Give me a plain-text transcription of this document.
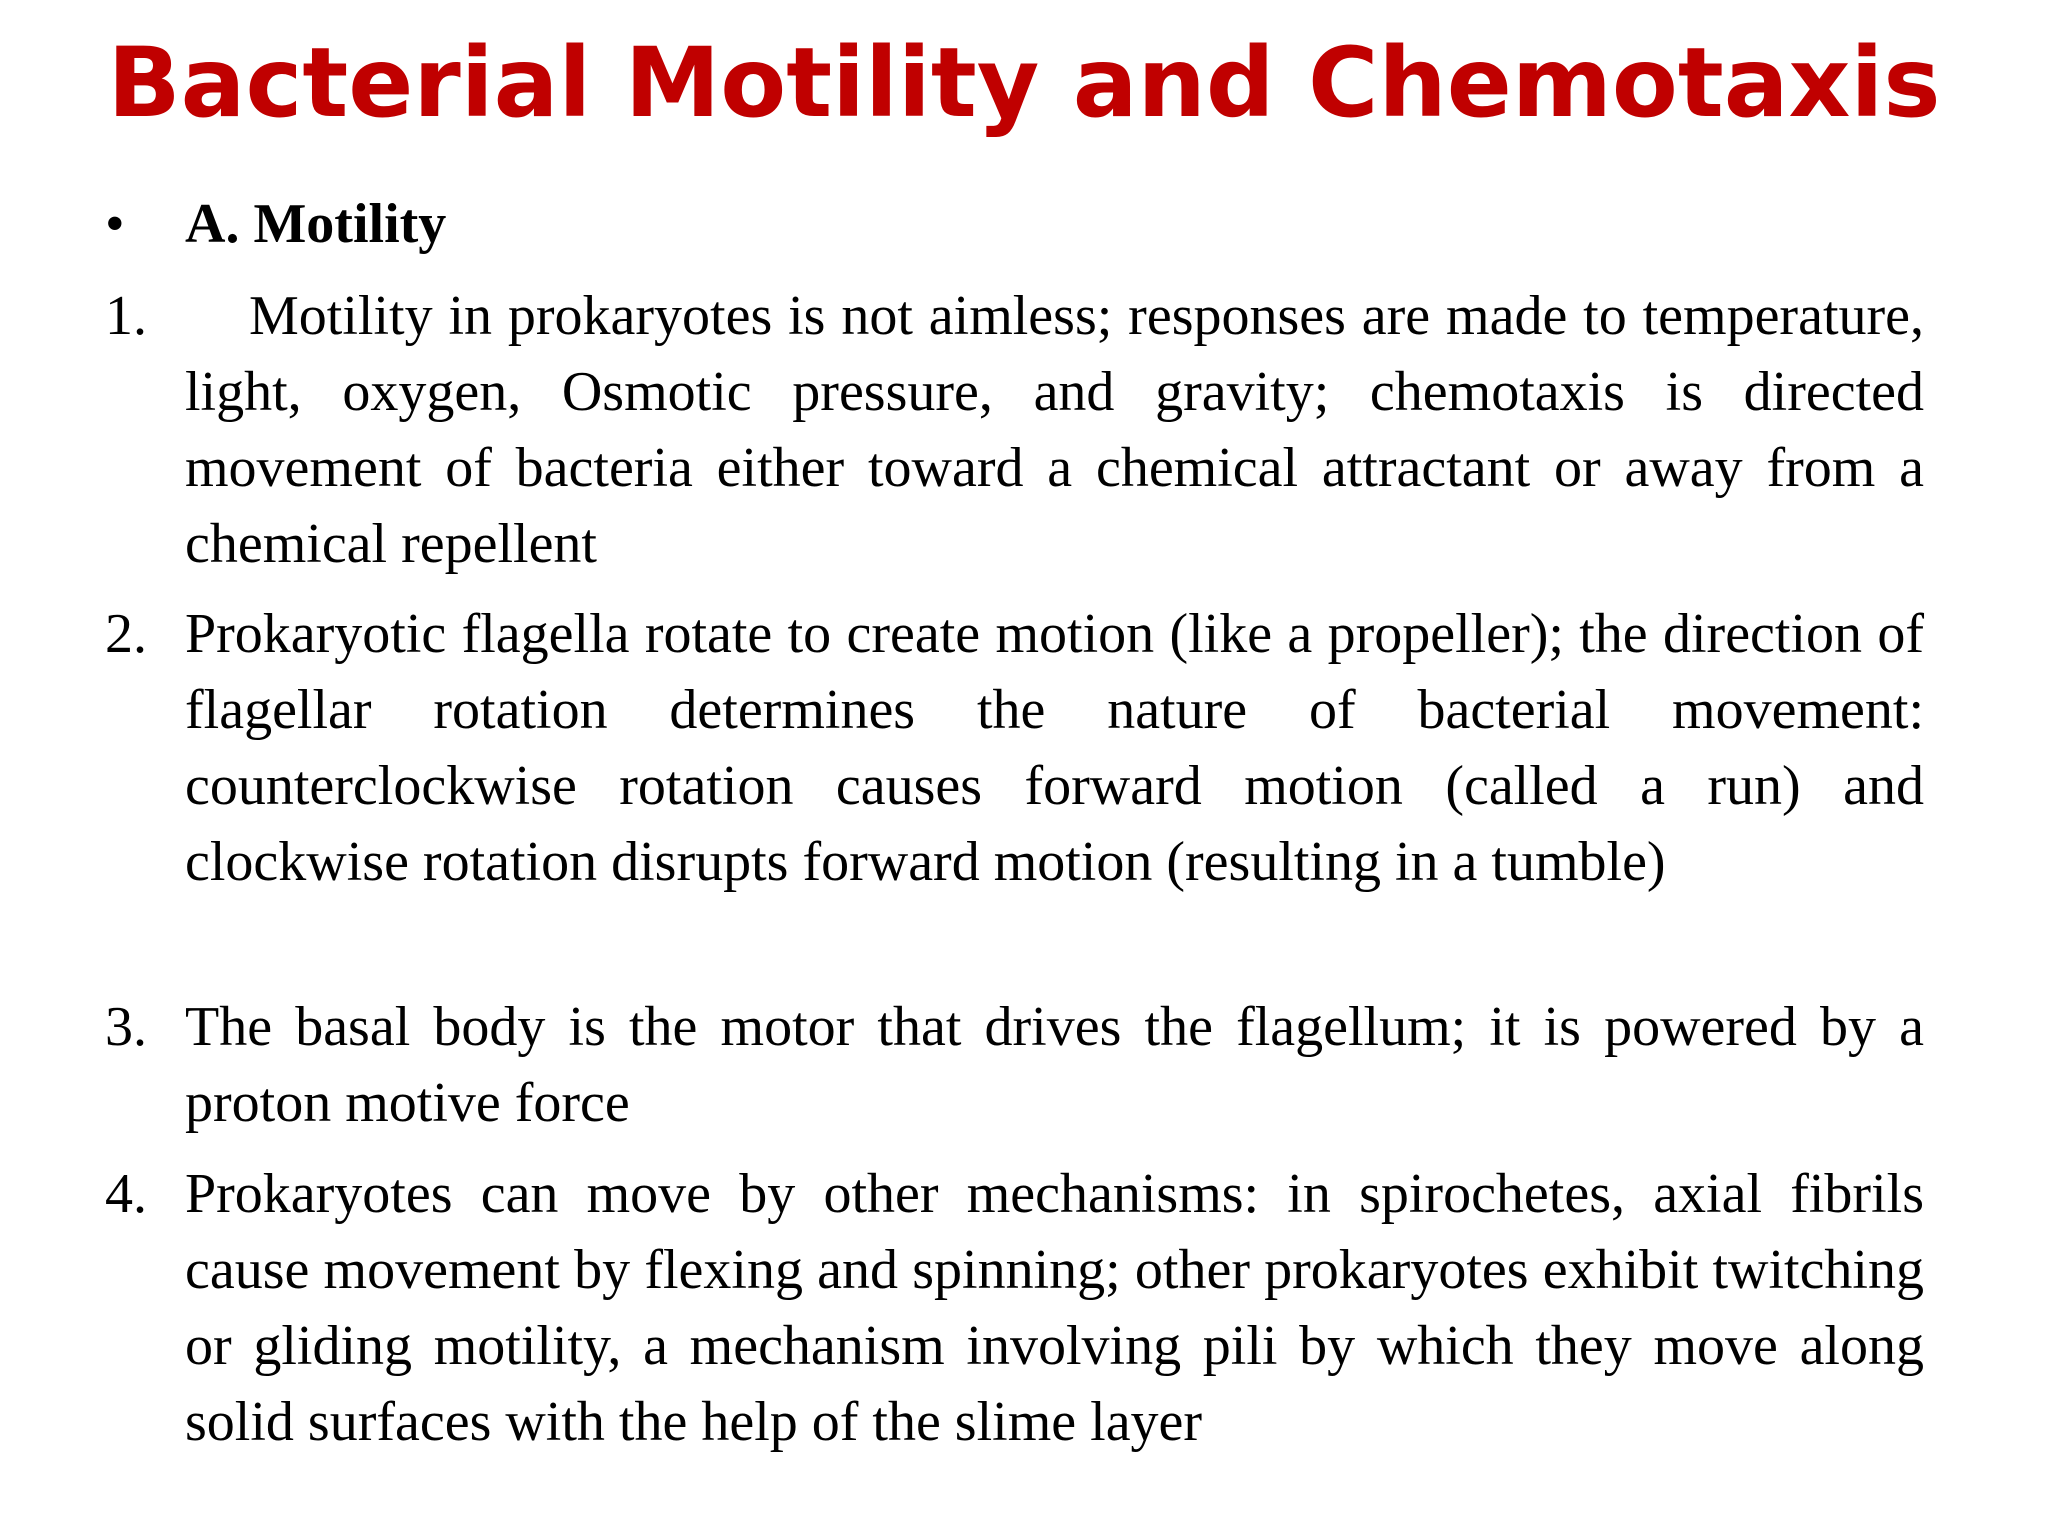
Bacterial Motility and Chemotaxis
•	A. Motility
1.	Motility in prokaryotes is not aimless; responses are made to temperature, light, oxygen, Osmotic pressure, and gravity; chemotaxis is directed movement of bacteria either toward a chemical attractant or away from a chemical repellent

2. Prokaryotic flagella rotate to create motion (like a propeller); the direction of flagellar rotation determines the nature of bacterial movement: counterclockwise rotation causes forward motion (called a run) and clockwise rotation disrupts forward motion (resulting in a tumble)

3. The basal body is the motor that drives the flagellum; it is powered by a proton motive force

4. Prokaryotes can move by other mechanisms: in spirochetes, axial fibrils cause movement by flexing and spinning; other prokaryotes exhibit twitching or gliding motility, a mechanism involving pili by which they move along solid surfaces with the help of the slime layer
